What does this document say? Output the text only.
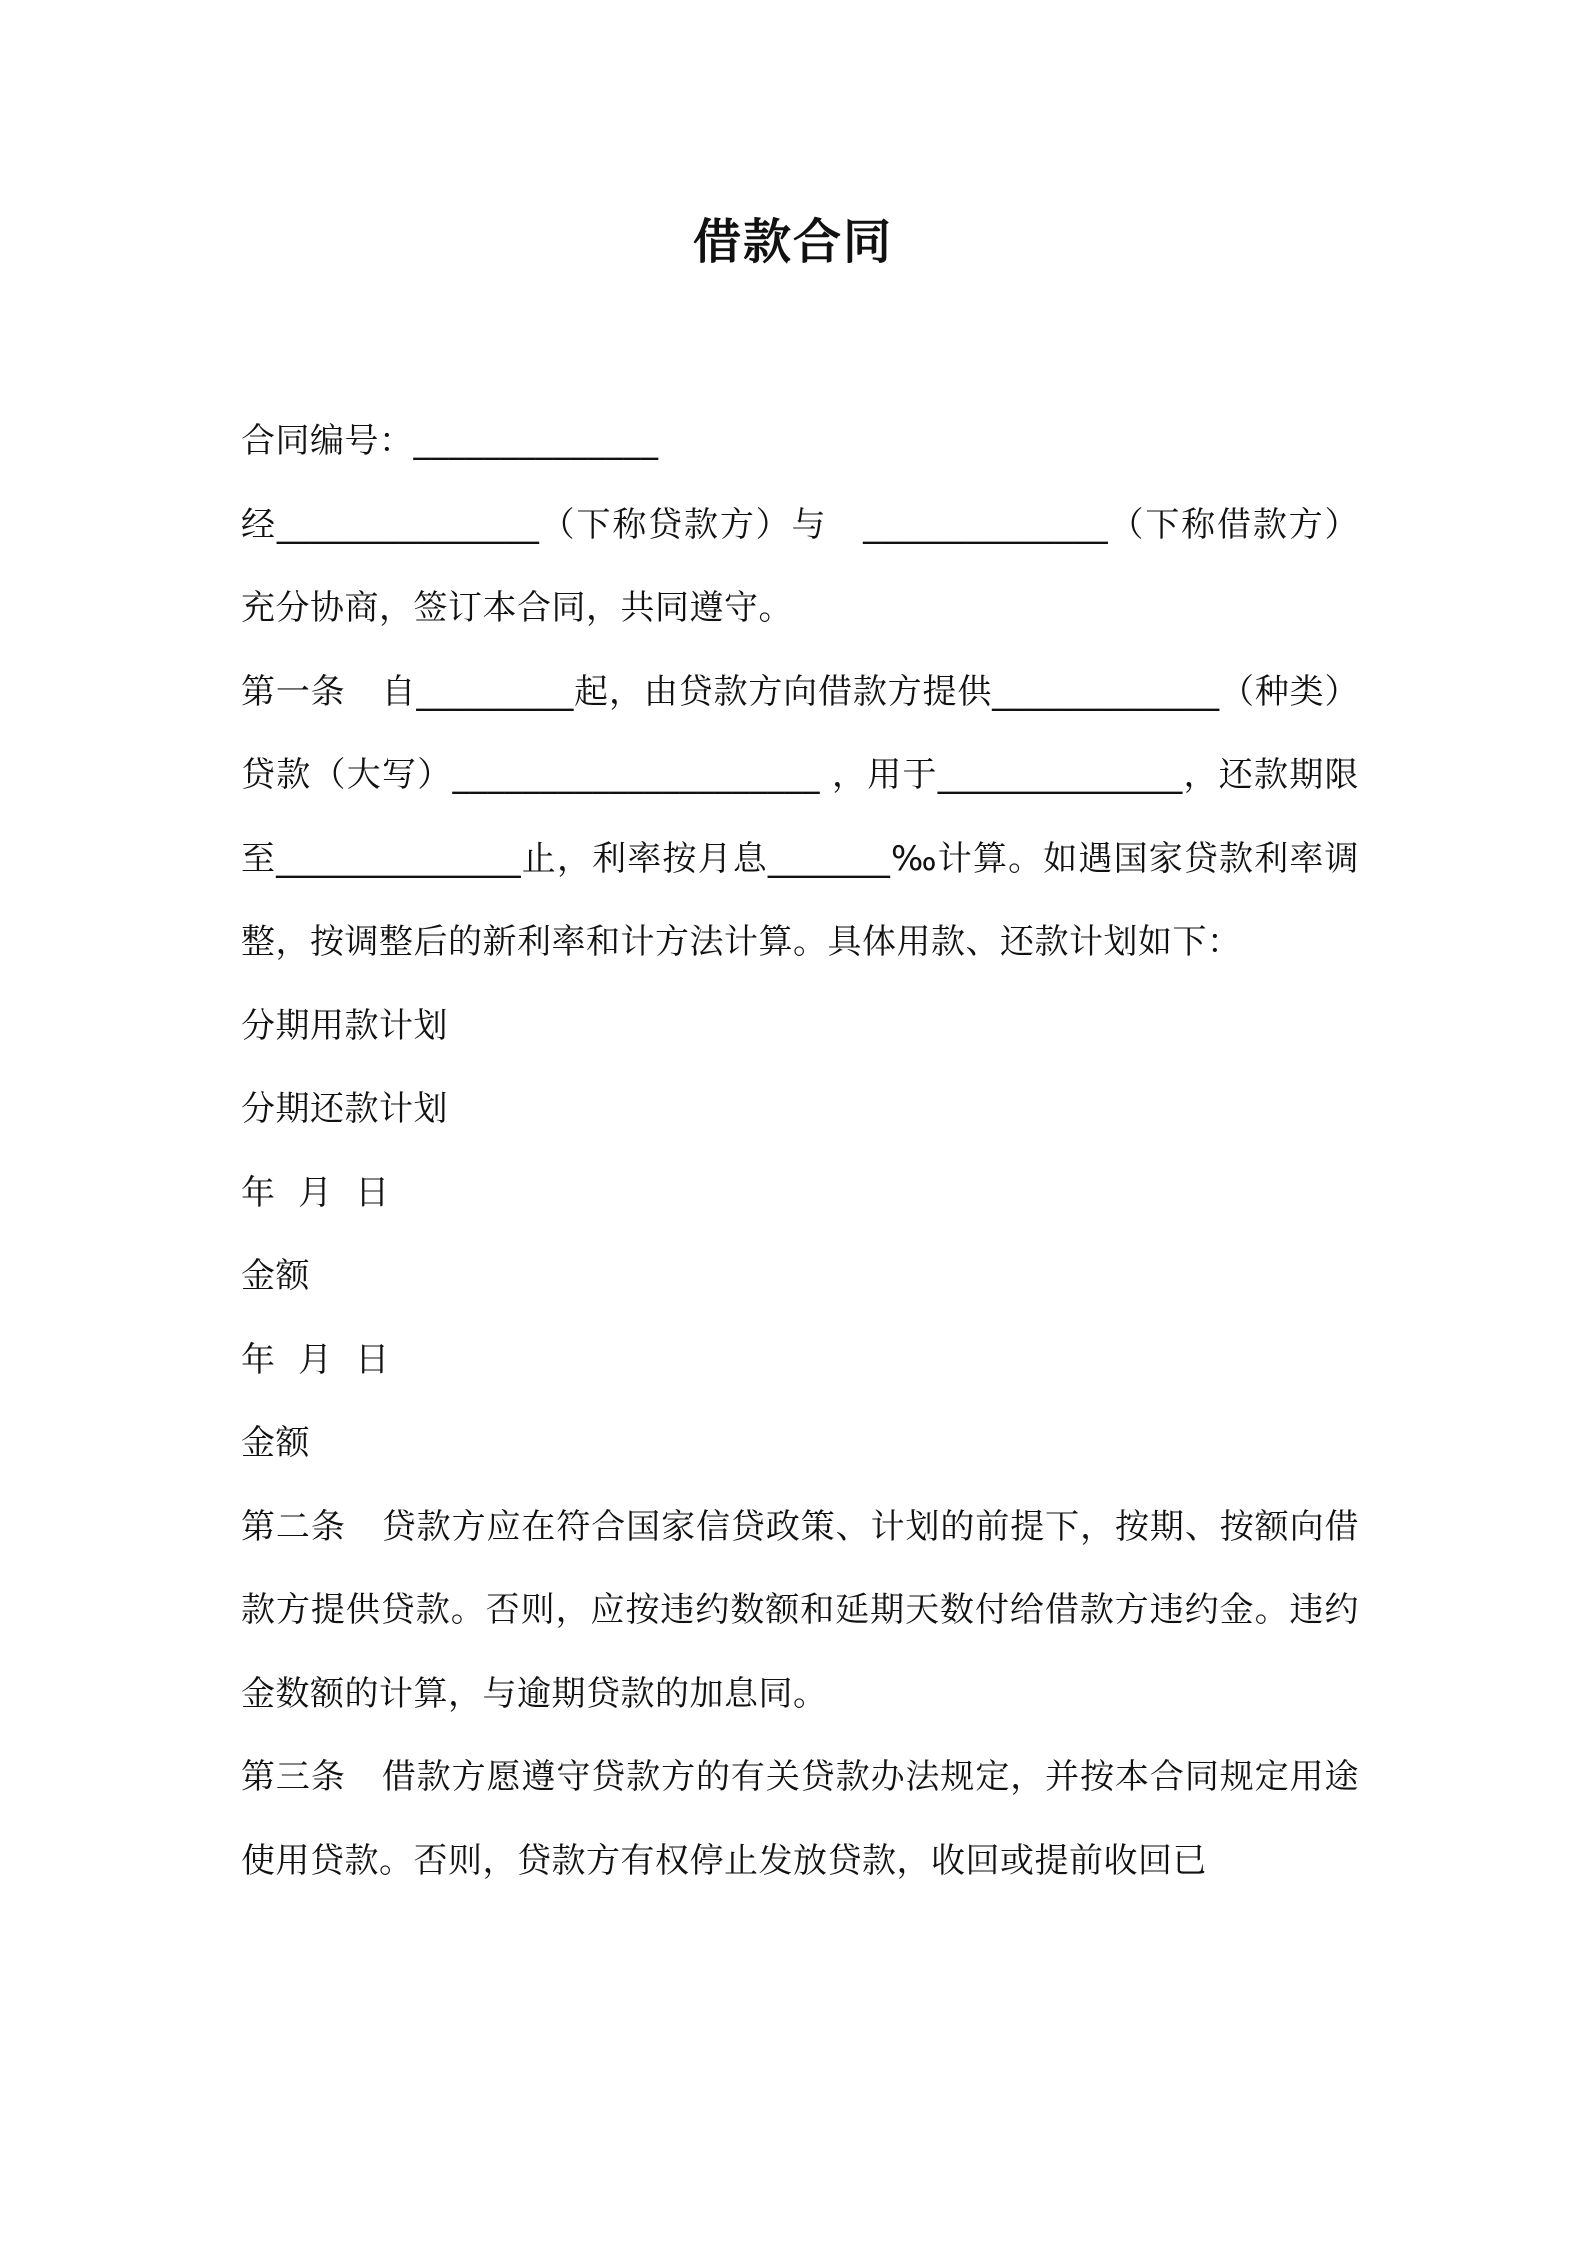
借款合同

合同编号：______________

经_______________（下称贷款方）与　______________（下称借款方）充分协商，签订本合同，共同遵守。

第一条 自_________起，由贷款方向借款方提供_____________（种类）贷款（大写）_____________________ ，用于______________，还款期限至______________止，利率按月息_______‰计算。如遇国家贷款利率调整，按调整后的新利率和计方法计算。具体用款、还款计划如下：

分期用款计划

分期还款计划

年  月  日

金额

年  月  日

金额

第二条 贷款方应在符合国家信贷政策、计划的前提下，按期、按额向借款方提供贷款。否则，应按违约数额和延期天数付给借款方违约金。违约金数额的计算，与逾期贷款的加息同。

第三条 借款方愿遵守贷款方的有关贷款办法规定，并按本合同规定用途使用贷款。否则，贷款方有权停止发放贷款，收回或提前收回已
